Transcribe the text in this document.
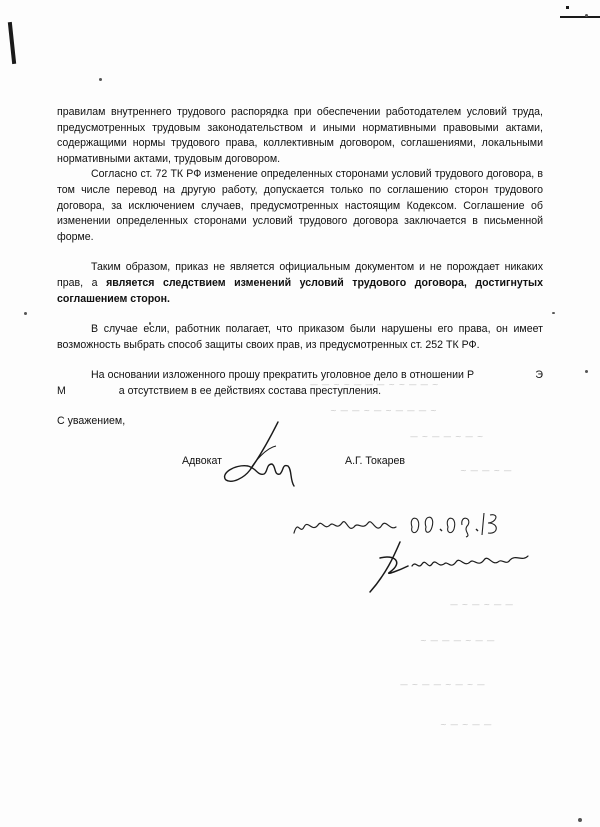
— — ~ ~ — — — ~ ~ — — ~
~ — — ~ — ~ — — — ~
— ~ — — ~ — ~
~ — — ~ —
— ~ — ~ — —
~ — — — ~ — —
— ~ — — ~ — ~ —
~ — ~ — —

правилам внутреннего трудового распорядка при обеспечении работодателем условий труда, предусмотренных трудовым законодательством и иными нормативными правовыми актами, содержащими нормы трудового права, коллективным договором, соглашениями, локальными нормативными актами, трудовым договором.

Согласно ст. 72 ТК РФ изменение определенных сторонами условий трудового договора, в том числе перевод на другую работу, допускается только по соглашению сторон трудового договора, за исключением случаев, предусмотренных настоящим Кодексом. Соглашение об изменении определенных сторонами условий трудового договора заключается в письменной форме.

Таким образом, приказ не является официальным документом и не порождает никаких прав, а является следствием изменений условий трудового договора, достигнутых соглашением сторон.

В случае если, работник полагает, что приказом были нарушены его права, он имеет возможность выбрать способ защиты своих прав, из предусмотренных ст. 252 ТК РФ.

На основании изложенного прошу прекратить уголовное дело в отношении Р                    Э          М                  а отсутствием в ее действиях состава преступления.

С уважением,
Адвокат	А.Г. Токарев
